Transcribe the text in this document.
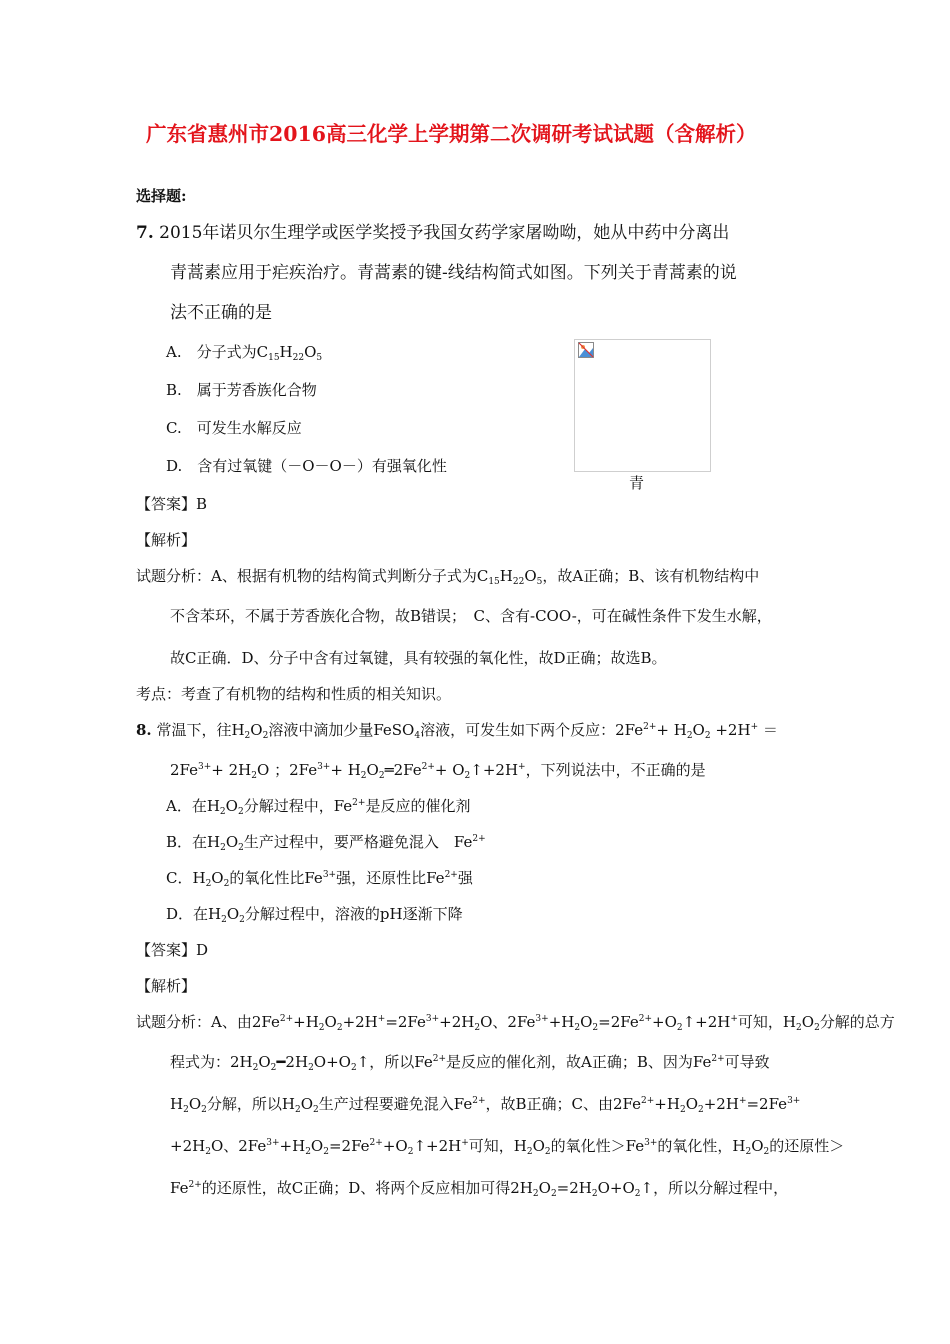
广东省惠州市2016高三化学上学期第二次调研考试试题（含解析）
选择题:
7. 2015年诺贝尔生理学或医学奖授予我国女药学家屠呦呦，她从中药中分离出
青蒿素应用于疟疾治疗。青蒿素的键-线结构简式如图。下列关于青蒿素的说
法不正确的是
A.　分子式为$C_{15}H_{22}O_5$
B.　属于芳香族化合物
C.　可发生水解反应
D.　含有过氧键（－O－O－）有强氧化性
青
【答案】B
【解析】
试题分析：A、根据有机物的结构简式判断分子式为$C_{15}H_{22}O_5$，故A正确；B、该有机物结构中
不含苯环，不属于芳香族化合物，故B错误；　C、含有-COO-，可在碱性条件下发生水解，
故C正确．D、分子中含有过氧键，具有较强的氧化性，故D正确；故选B。
考点：考查了有机物的结构和性质的相关知识。
8. 常温下，往$H_2O_2$溶液中滴加少量FeSO$_4$溶液，可发生如下两个反应：$2Fe^{2+}+ H_2O_2 +2H^+$ ＝
$2Fe^{3+}+ 2H_2O$ ；$2Fe^{3+}+$ $H_2O_2═2Fe^{2+}+$ $O_2↑+2H^+$，下列说法中，不正确的是
A．在$H_2O_2$分解过程中，$Fe^{2+}$是反应的催化剂
B．在$H_2O_2$生产过程中，要严格避免混入　$Fe^{2+}$
C．$H_2O_2$的氧化性比$Fe^{3+}$强，还原性比$Fe^{2+}$强
D．在$H_2O_2$分解过程中，溶液的pH逐渐下降
【答案】D
【解析】
试题分析：A、由$2Fe^{2+}+H_2O_2+2H^+=2Fe^{3+}+2H_2O$、$2Fe^{3+}+H_2O_2=2Fe^{2+}+O_2↑+2H^+$可知，$H_2O_2$分解的总方
程式为：$2H_2O_2━2H_2O+O_2↑$，所以$Fe^{2+}$是反应的催化剂，故A正确；B、因为$Fe^{2+}$可导致
$H_2O_2$分解，所以$H_2O_2$生产过程要避免混入$Fe^{2+}$，故B正确；C、由$2Fe^{2+}+H_2O_2+2H^+=2Fe^{3+}$
$+2H_2O$、$2Fe^{3+}+H_2O_2=2Fe^{2+}+O_2↑+2H^+$可知，$H_2O_2$的氧化性$>Fe^{3+}$的氧化性，$H_2O_2$的还原性＞
$Fe^{2+}$的还原性，故C正确；D、将两个反应相加可得$2H_2O_2=2H_2O+O_2↑$，所以分解过程中，
